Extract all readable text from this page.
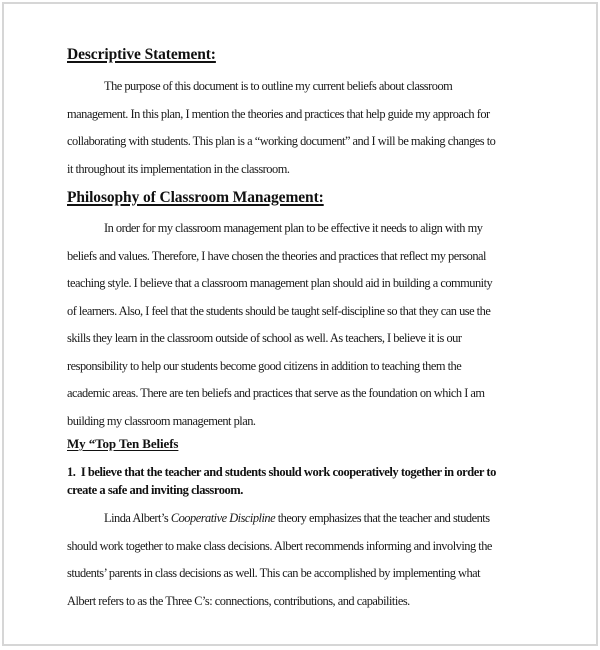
Descriptive Statement:
The purpose of this document is to outline my current beliefs about classroom
management. In this plan, I mention the theories and practices that help guide my approach for
collaborating with students. This plan is a “working document” and I will be making changes to
it throughout its implementation in the classroom.
Philosophy of Classroom Management:
In order for my classroom management plan to be effective it needs to align with my
beliefs and values. Therefore, I have chosen the theories and practices that reflect my personal
teaching style. I believe that a classroom management plan should aid in building a community
of learners. Also, I feel that the students should be taught self-discipline so that they can use the
skills they learn in the classroom outside of school as well. As teachers, I believe it is our
responsibility to help our students become good citizens in addition to teaching them the
academic areas. There are ten beliefs and practices that serve as the foundation on which I am
building my classroom management plan.
My “Top Ten Beliefs
1.  I believe that the teacher and students should work cooperatively together in order to
create a safe and inviting classroom.
Linda Albert’s Cooperative Discipline theory emphasizes that the teacher and students
should work together to make class decisions. Albert recommends informing and involving the
students’ parents in class decisions as well. This can be accomplished by implementing what
Albert refers to as the Three C’s: connections, contributions, and capabilities.
